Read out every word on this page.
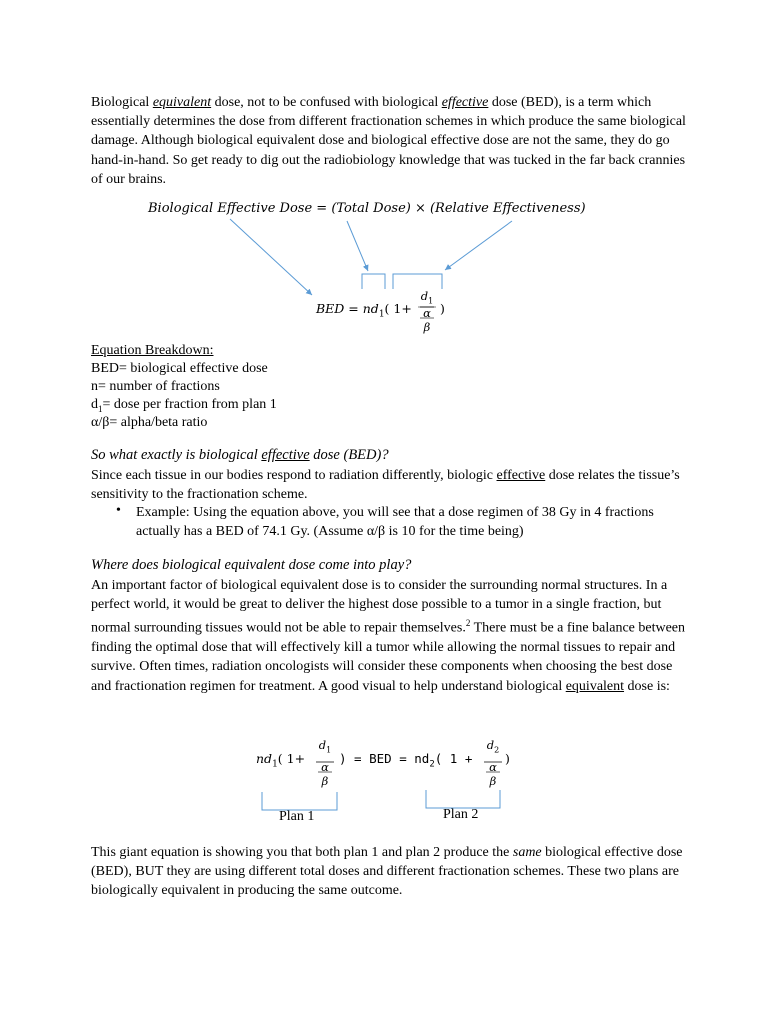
Biological equivalent dose, not to be confused with biological effective dose (BED), is a term which essentially determines the dose from different fractionation schemes in which produce the same biological damage. Although biological equivalent dose and biological effective dose are not the same, they do go hand-in-hand. So get ready to dig out the radiobiology knowledge that was tucked in the far back crannies of our brains.

Biological Effective Dose = (Total Dose) × (Relative Effectiveness)
BED = $nd_1$( 1+
$d_1$
α
β
)
Equation Breakdown:
BED= biological effective dose
n= number of fractions
$d_1=$ dose per fraction from plan 1
α/β= alpha/beta ratio
So what exactly is biological effective dose (BED)?

Since each tissue in our bodies respond to radiation differently, biologic effective dose relates the tissue’s sensitivity to the fractionation scheme.

• Example: Using the equation above, you will see that a dose regimen of 38 Gy in 4 fractions actually has a BED of 74.1 Gy. (Assume α/β is 10 for the time being)

Where does biological equivalent dose come into play?

An important factor of biological equivalent dose is to consider the surrounding normal structures. In a perfect world, it would be great to deliver the highest dose possible to a tumor in a single fraction, but normal surrounding tissues would not be able to repair themselves.$^2$ There must be a fine balance between finding the optimal dose that will effectively kill a tumor while allowing the normal tissues to repair and survive. Often times, radiation oncologists will consider these components when choosing the best dose and fractionation regimen for treatment. A good visual to help understand biological equivalent dose is:

$nd_1$( 1+
$d_1$
α
β
) = BED = $nd_2$( 1 +
$d_2$
α
β
)
Plan 1	Plan 2

This giant equation is showing you that both plan 1 and plan 2 produce the same biological effective dose (BED), BUT they are using different total doses and different fractionation schemes. These two plans are biologically equivalent in producing the same outcome.
